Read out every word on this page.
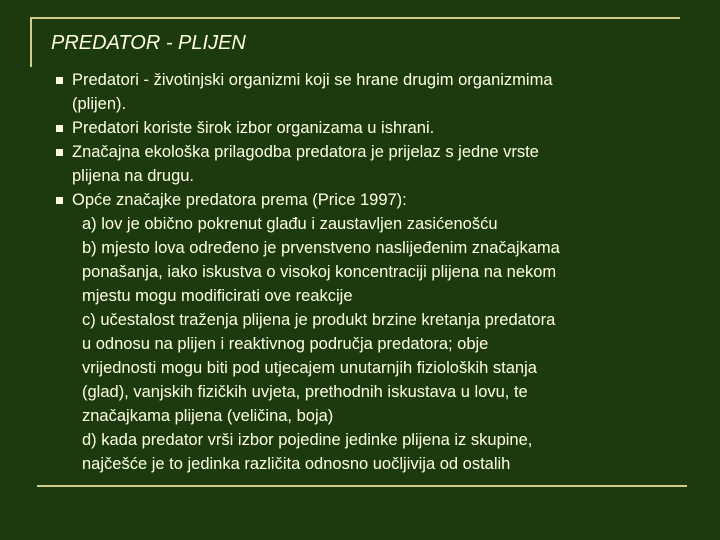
PREDATOR - PLIJEN
Predatori - životinjski organizmi koji se hrane drugim organizmima
(plijen).
Predatori koriste širok izbor organizama u ishrani.
Značajna ekološka prilagodba predatora je prijelaz s jedne vrste
plijena na drugu.
Opće značajke predatora prema (Price 1997):
a) lov je obično pokrenut glađu i zaustavljen zasićenošću
b) mjesto lova određeno je prvenstveno naslijeđenim značajkama
ponašanja, iako iskustva o visokoj koncentraciji plijena na nekom
mjestu mogu modificirati ove reakcije
c) učestalost traženja plijena je produkt brzine kretanja predatora
u odnosu na plijen i reaktivnog područja predatora; obje
vrijednosti mogu biti pod utjecajem unutarnjih fizioloških stanja
(glad), vanjskih fizičkih uvjeta, prethodnih iskustava u lovu, te
značajkama plijena (veličina, boja)
d) kada predator vrši izbor pojedine jedinke plijena iz skupine,
najčešće je to jedinka različita odnosno uočljivija od ostalih
